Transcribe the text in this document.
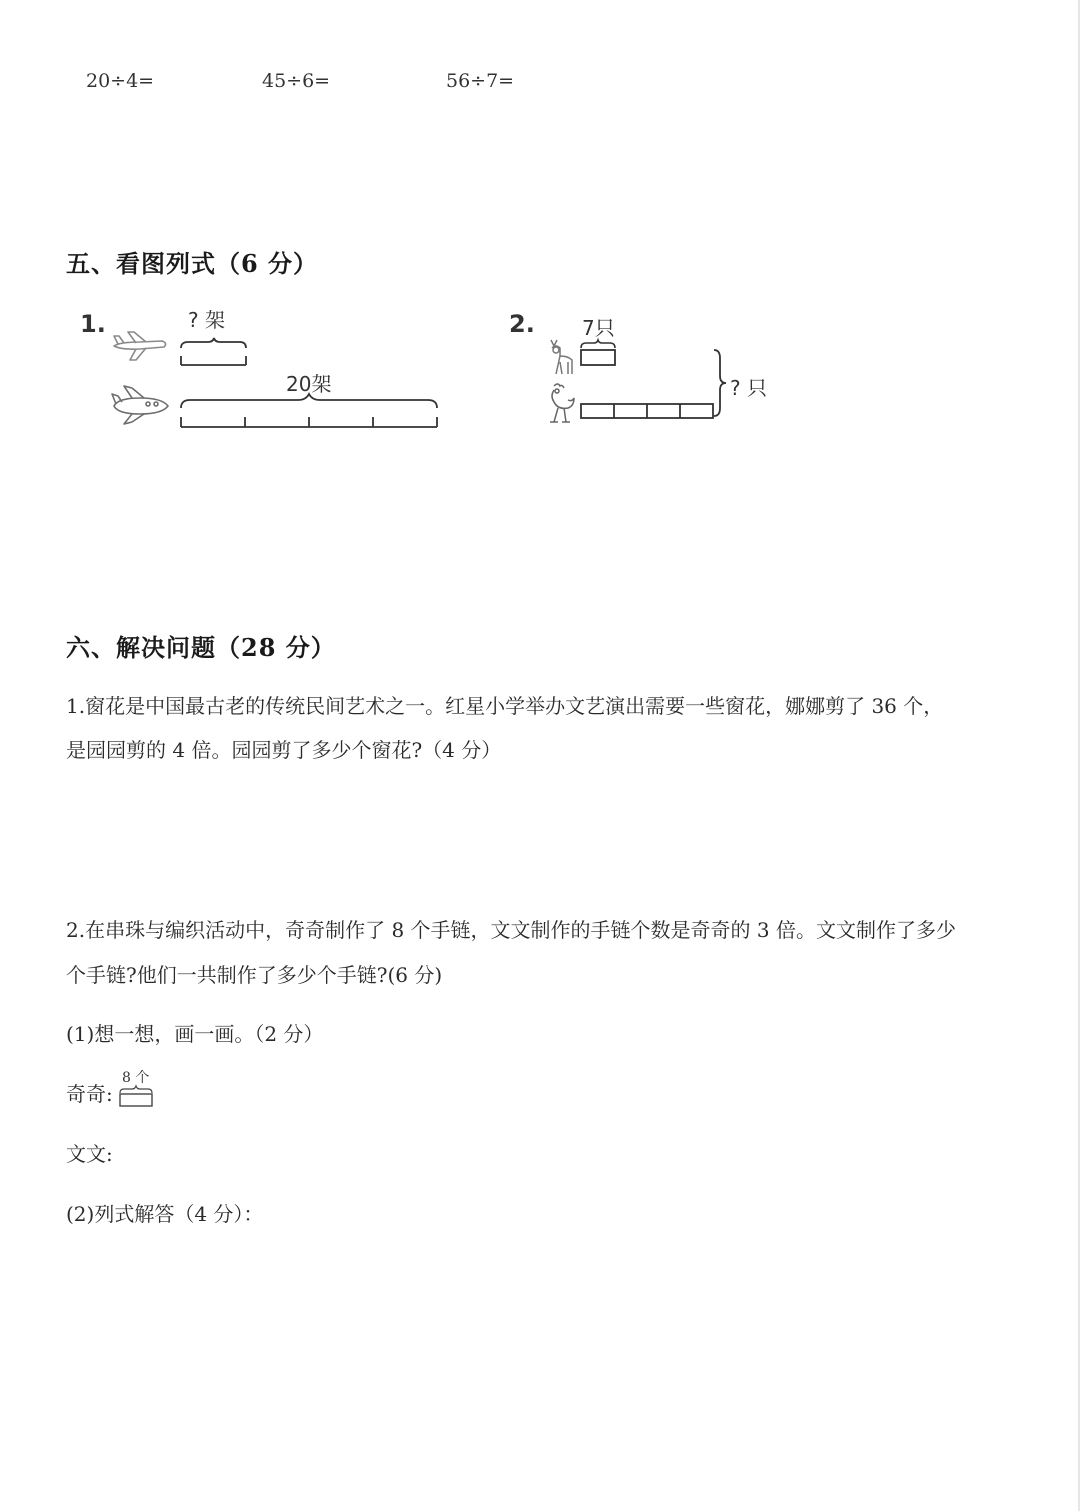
20÷4=	45÷6=	56÷7=
五、看图列式（6 分）
1.	? 架
20架
2. 7只
? 只
六、解决问题（28 分）
1.窗花是中国最古老的传统民间艺术之一。红星小学举办文艺演出需要一些窗花，娜娜剪了 36 个，
是园园剪的 4 倍。园园剪了多少个窗花?（4 分）
2.在串珠与编织活动中，奇奇制作了 8 个手链，文文制作的手链个数是奇奇的 3 倍。文文制作了多少
个手链?他们一共制作了多少个手链?(6 分)
(1)想一想，画一画。（2 分）
奇奇:
8 个
文文:
(2)列式解答（4 分）：
